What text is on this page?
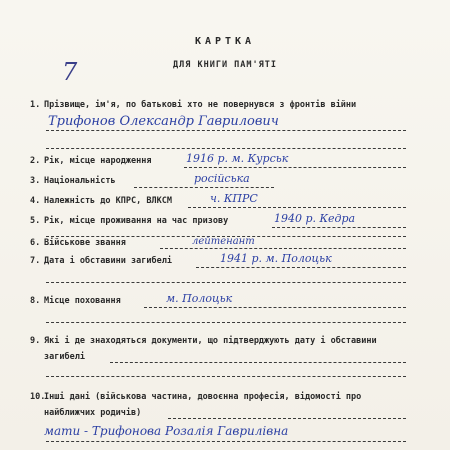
КАРТКА
ДЛЯ КНИГИ ПАМ'ЯТІ
7
1. Прізвище, ім'я, по батькові хто не повернувся з фронтів війни
Трифонов Олександр Гаврилович
2. Рік, місце народження	1916 р. м. Курськ
3. Національність	російська
4. Належність до КПРС, ВЛКСМ	ч. КПРС
5. Рік, місце проживання на час призову	1940 р. Кедра
6. Військове звання	лейтенант
7. Дата і обставини загибелі	1941 р. м. Полоцьк
8. Місце поховання	м. Полоцьк
9. Які і де знаходяться документи, що підтверджують дату і обставини
загибелі
10.Інші дані (військова частина, довоєнна професія, відомості про
найближчих родичів)
мати - Трифонова Розалія Гаврилівна
